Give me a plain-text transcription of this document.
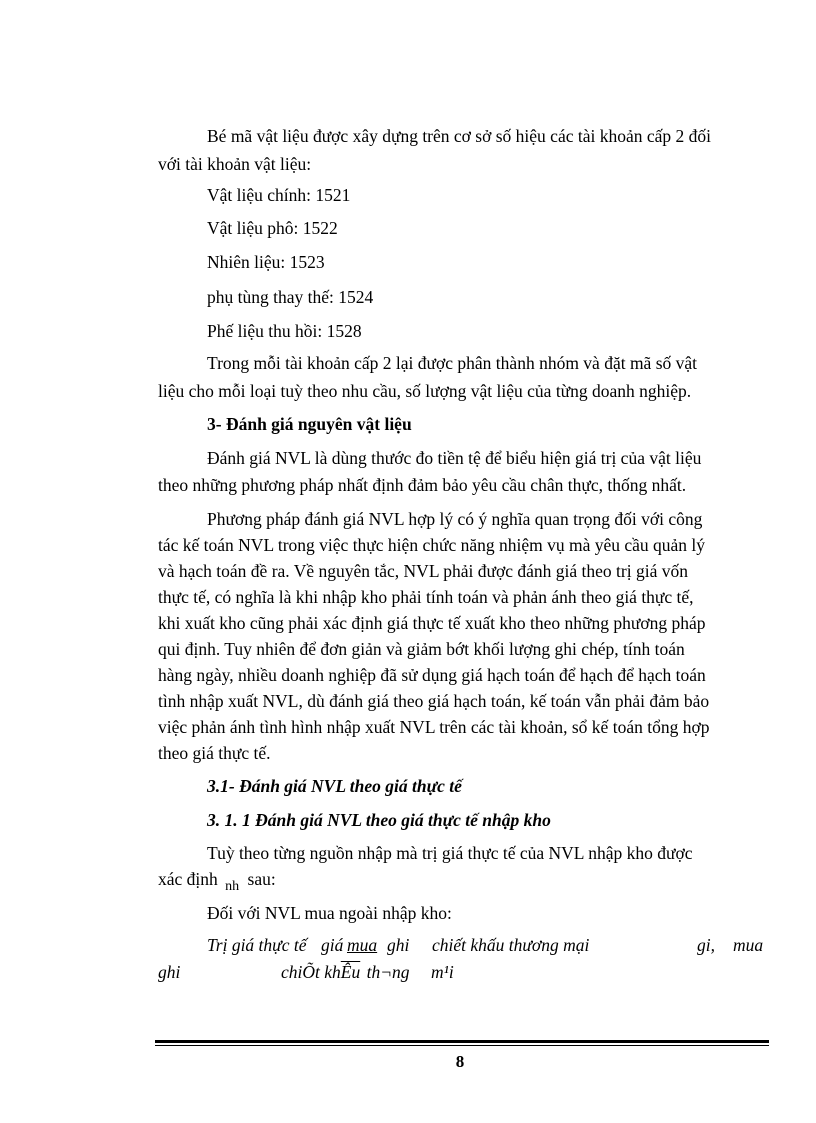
Bé mã vật liệu được xây dựng trên cơ sở số hiệu các tài khoản cấp 2 đối
với tài khoản vật liệu:
Vật liệu chính: 1521
Vật liệu phô: 1522
Nhiên liệu: 1523
phụ tùng thay thế: 1524
Phế liệu thu hồi: 1528
Trong mỗi tài khoản cấp 2 lại được phân thành nhóm và đặt mã số vật
liệu cho mỗi loại tuỳ theo nhu cầu, số lượng vật liệu của từng doanh nghiệp.
3- Đánh giá nguyên vật liệu
Đánh giá NVL là dùng thước đo tiền tệ để biểu hiện giá trị của vật liệu
theo những phương pháp nhất định đảm bảo yêu cầu chân thực, thống nhất.
Phương pháp đánh giá NVL hợp lý có ý nghĩa quan trọng đối với công
tác kế toán NVL trong việc thực hiện chức năng nhiệm vụ mà yêu cầu quản lý
và hạch toán đề ra. Về nguyên tắc, NVL phải được đánh giá theo trị giá vốn
thực tế, có nghĩa là khi nhập kho phải tính toán và phản ánh theo giá thực tế,
khi xuất kho cũng phải xác định giá thực tế xuất kho theo những phương pháp
qui định. Tuy nhiên để đơn giản và giảm bớt khối lượng ghi chép, tính toán
hàng ngày, nhiều doanh nghiệp đã sử dụng giá hạch toán để hạch để hạch toán
tình nhập xuất NVL, dù đánh giá theo giá hạch toán, kế toán vẫn phải đảm bảo
việc phản ánh tình hình nhập xuất NVL trên các tài khoản, sổ kế toán tổng hợp
theo giá thực tế.
3.1- Đánh giá NVL theo giá thực tế
3. 1. 1 Đánh giá NVL theo giá thực tế nhập kho
Tuỳ theo từng nguồn nhập mà trị giá thực tế của NVL nhập kho được
xác định $_{nh}$ sau:
Đối với NVL mua ngoài nhập kho:
Trị giá thực tế giá mua ghi chiết khấu thương mại	gi, mua
ghi	chiÕt $kh\overline{Êu}$ th¬ng m¹i
8
